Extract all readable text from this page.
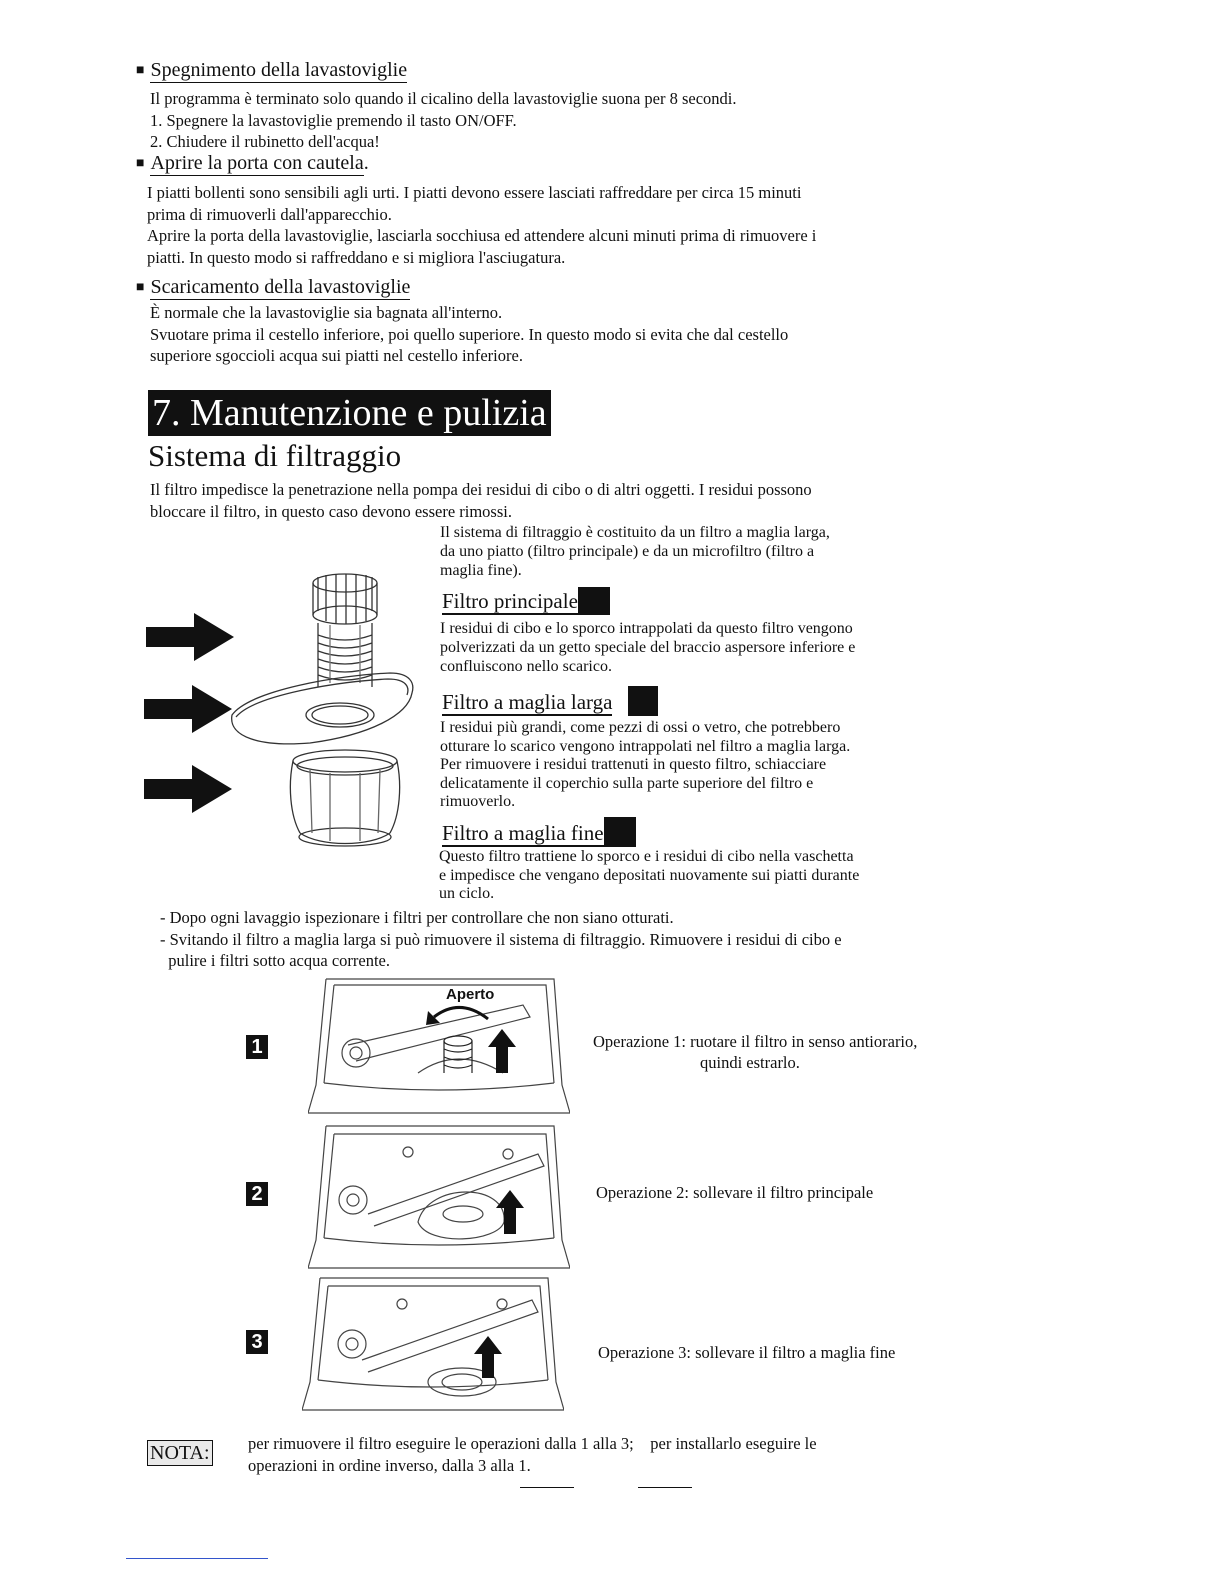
■ Spegnimento della lavastoviglie

Il programma è terminato solo quando il cicalino della lavastoviglie suona per 8 secondi.

1. Spegnere la lavastoviglie premendo il tasto ON/OFF.

2. Chiudere il rubinetto dell'acqua!

■ Aprire la porta con cautela.

I piatti bollenti sono sensibili agli urti. I piatti devono essere lasciati raffreddare per circa 15 minuti

prima di rimuoverli dall'apparecchio.

Aprire la porta della lavastoviglie, lasciarla socchiusa ed attendere alcuni minuti prima di rimuovere i

piatti. In questo modo si raffreddano e si migliora l'asciugatura.

■ Scaricamento della lavastoviglie

È normale che la lavastoviglie sia bagnata all'interno.

Svuotare prima il cestello inferiore, poi quello superiore. In questo modo si evita che dal cestello

superiore sgoccioli acqua sui piatti nel cestello inferiore.

7. Manutenzione e pulizia
Sistema di filtraggio

Il filtro impedisce la penetrazione nella pompa dei residui di cibo o di altri oggetti. I residui possono

bloccare il filtro, in questo caso devono essere rimossi.

Il sistema di filtraggio è costituito da un filtro a maglia larga,

da uno piatto (filtro principale) e da un microfiltro (filtro a

maglia fine).

Filtro principale

I residui di cibo e lo sporco intrappolati da questo filtro vengono

polverizzati da un getto speciale del braccio aspersore inferiore e

confluiscono nello scarico.

Filtro a maglia larga

I residui più grandi, come pezzi di ossi o vetro, che potrebbero

otturare lo scarico vengono intrappolati nel filtro a maglia larga.

Per rimuovere i residui trattenuti in questo filtro, schiacciare

delicatamente il coperchio sulla parte superiore del filtro e

rimuoverlo.

Filtro a maglia fine

Questo filtro trattiene lo sporco e i residui di cibo nella vaschetta

e impedisce che vengano depositati nuovamente sui piatti durante

un ciclo.

- Dopo ogni lavaggio ispezionare i filtri per controllare che non siano otturati.

- Svitando il filtro a maglia larga si può rimuovere il sistema di filtraggio. Rimuovere i residui di cibo e

pulire i filtri sotto acqua corrente.

1
Aperto
Operazione 1: ruotare il filtro in senso antiorario,
quindi estrarlo.
2	Operazione 2: sollevare il filtro principale
3	Operazione 3: sollevare il filtro a maglia fine
NOTA: per rimuovere il filtro eseguire le operazioni dalla 1 alla 3;    per installarlo eseguire le

operazioni in ordine inverso, dalla 3 alla 1.
